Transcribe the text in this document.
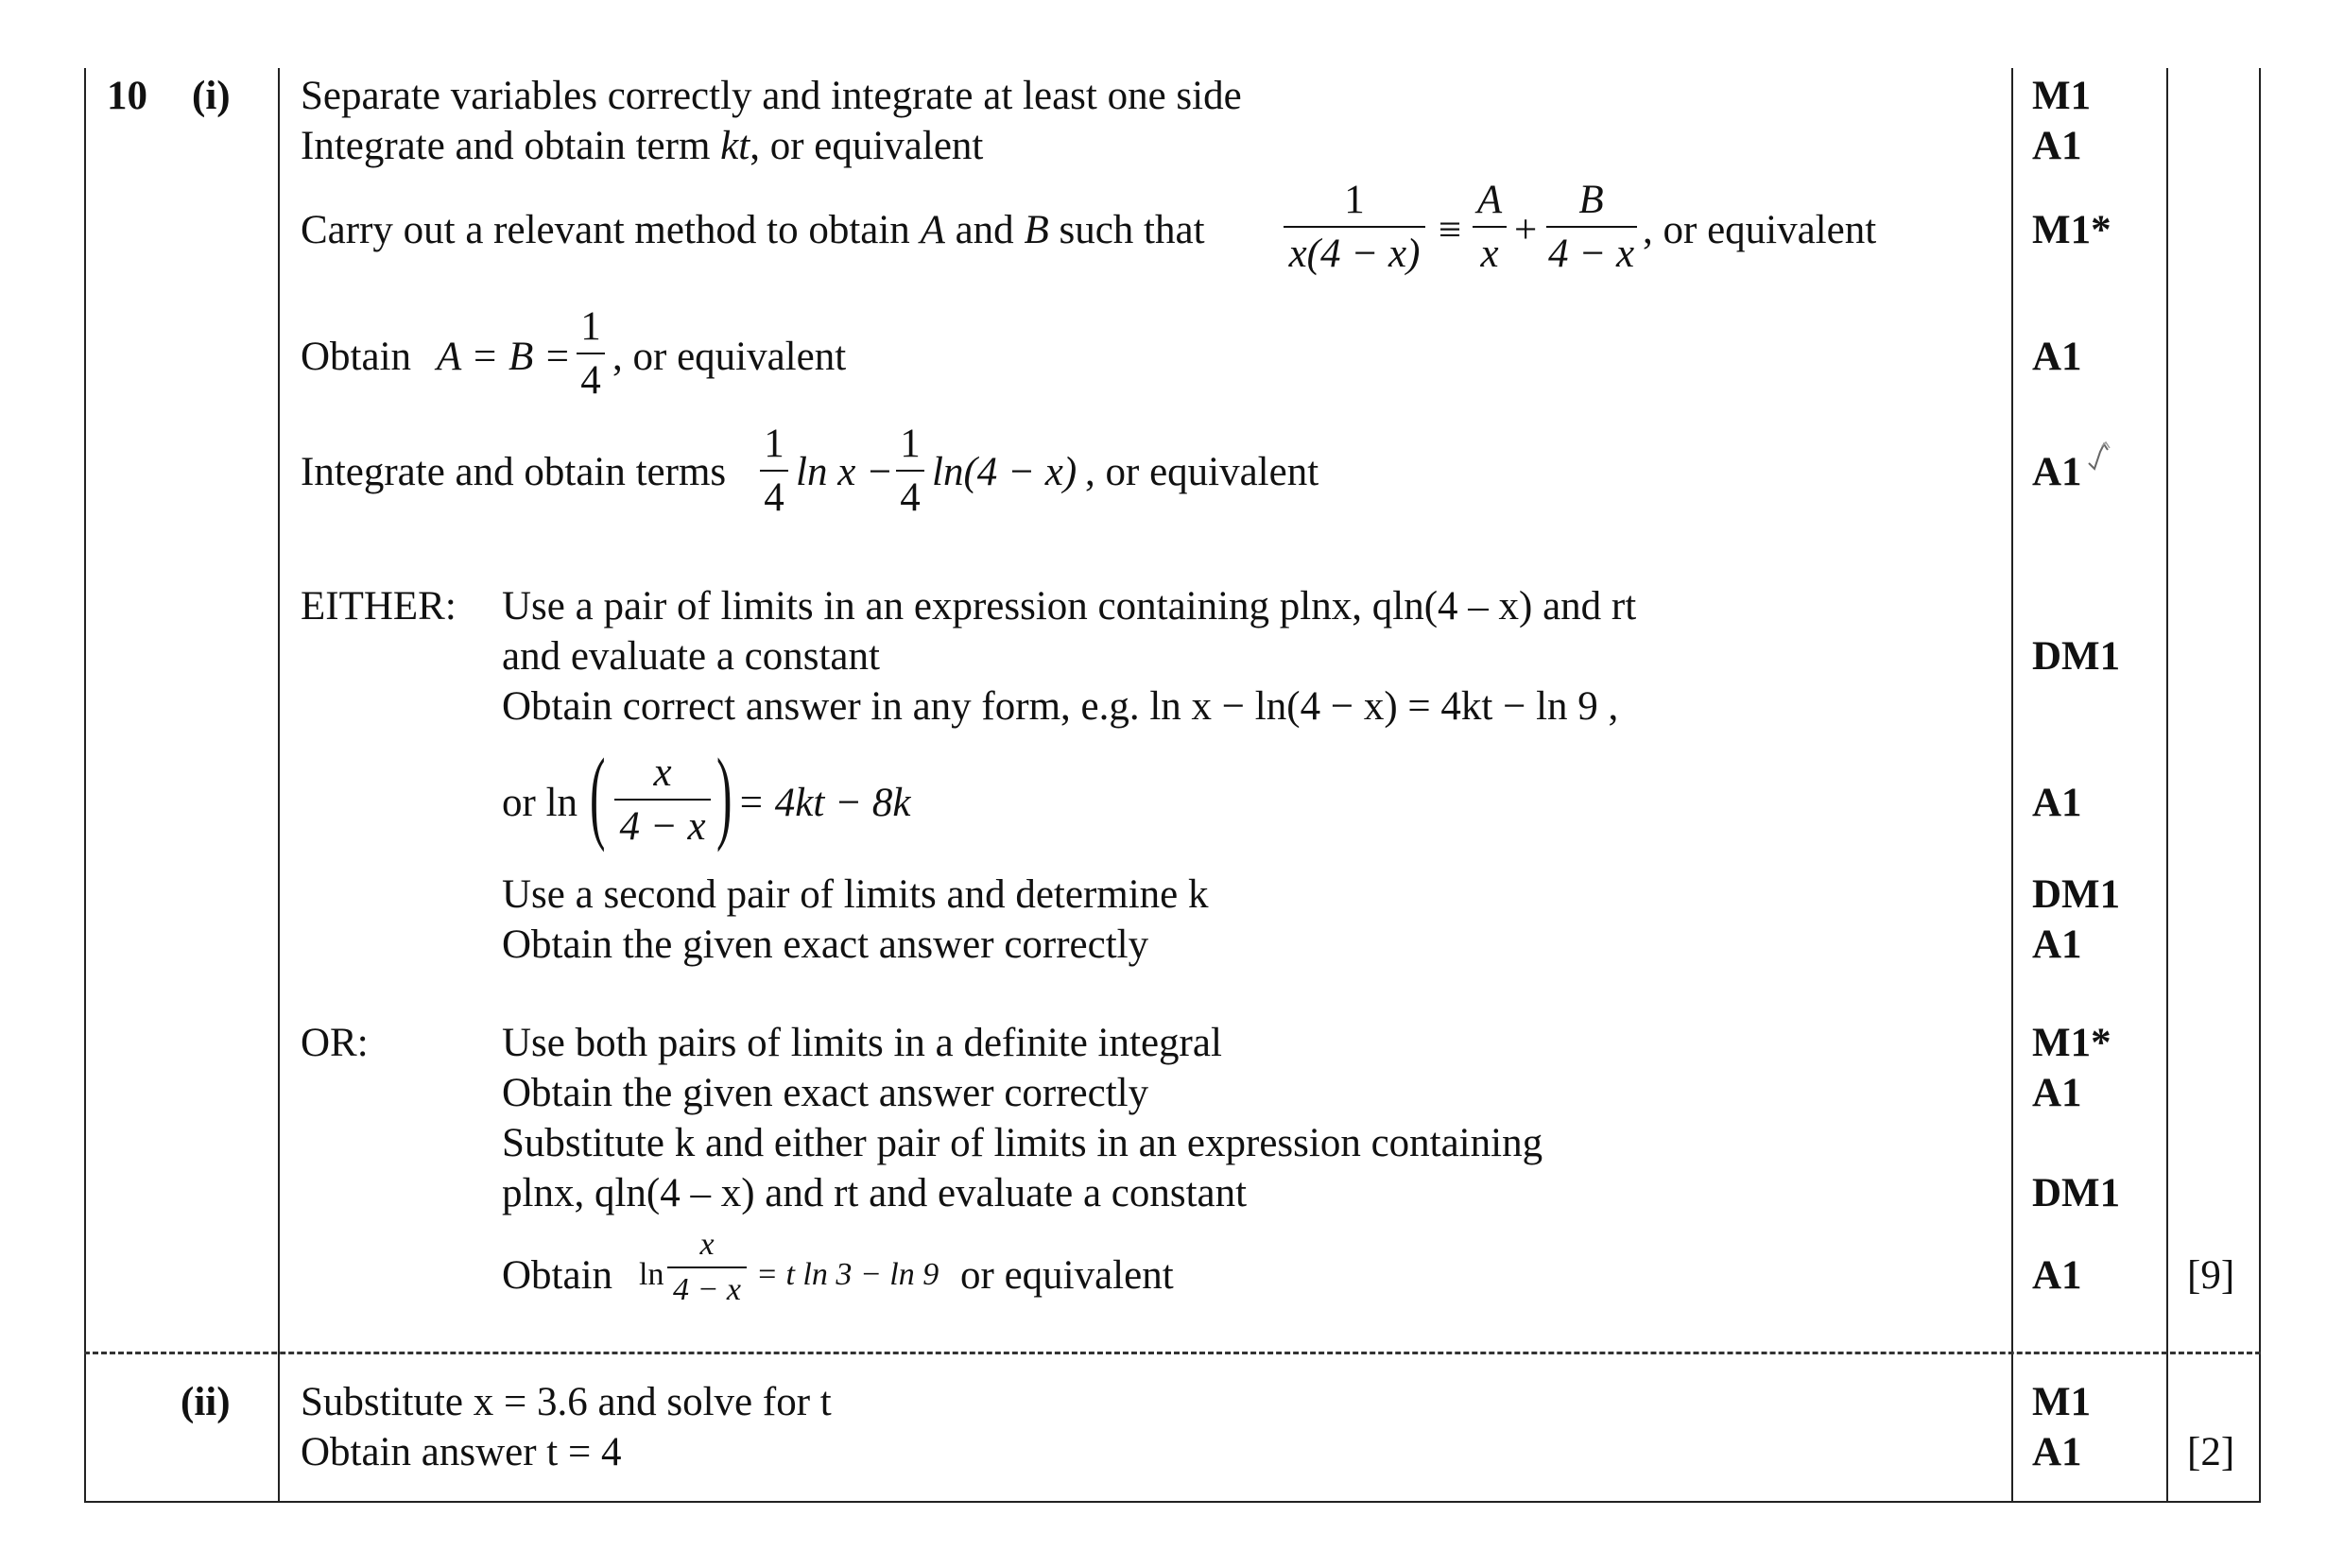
10 (i)
(ii)
Separate variables correctly and integrate at least one side
Integrate and obtain term kt, or equivalent
Carry out a relevant method to obtain A and B such that
1
x(4 − x)
≡
A
x
+
B
4 − x
, or equivalent
Obtain A = B =
1
4
, or equivalent
Integrate and obtain terms
1
4
ln x −
1
4
ln(4 − x) , or equivalent
EITHER: Use a pair of limits in an expression containing plnx, qln(4 – x) and rt
and evaluate a constant
Obtain correct answer in any form, e.g. ln x − ln(4 − x) = 4kt − ln 9 ,
or ln ( x
4 − x ) = 4kt − 8k
Use a second pair of limits and determine k
Obtain the given exact answer correctly
OR:	Use both pairs of limits in a definite integral
Obtain the given exact answer correctly
Substitute k and either pair of limits in an expression containing
plnx, qln(4 – x) and rt and evaluate a constant
Obtain ln
x
4 − x = t ln 3 − ln 9 or equivalent
Substitute x = 3.6 and solve for t
Obtain answer t = 4
M1
A1
M1*
A1
A1
DM1
A1
DM1
A1
M1*
A1
DM1
A1
M1
A1
[9]
[2]
